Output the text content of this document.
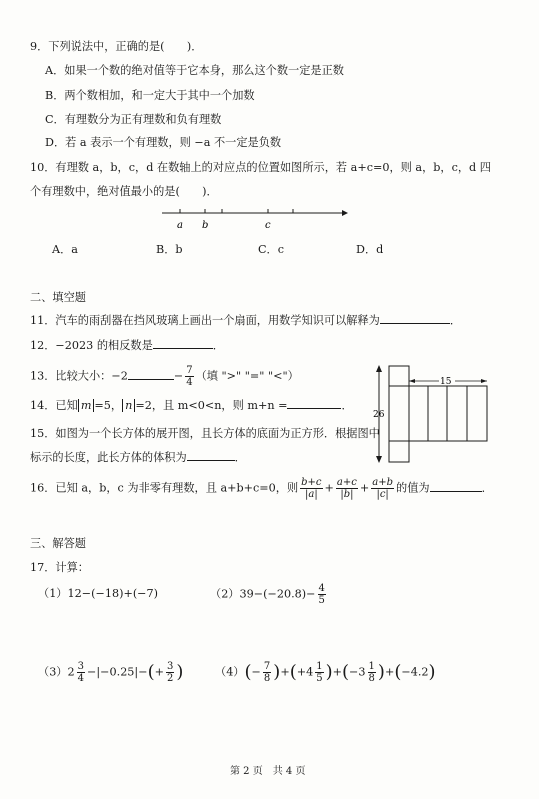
9．下列说法中，正确的是(　　)．
A．如果一个数的绝对值等于它本身，那么这个数一定是正数
B．两个数相加，和一定大于其中一个加数
C．有理数分为正有理数和负有理数
D．若 a 表示一个有理数，则 −a 不一定是负数
10．有理数 a，b，c，d 在数轴上的对应点的位置如图所示，若 a+c=0，则 a，b，c，d 四
个有理数中，绝对值最小的是(　　)．
a b	c
A．a	B．b	C．c	D．d
二、填空题
11．汽车的雨刮器在挡风玻璃上画出一个扇面，用数学知识可以解释为	．
12．−2023 的相反数是	．
13．比较大小：−2	− $\frac{7}{4}$ （填 ">" "=" "<"）
14．已知 m =5， n =2，且 m<0<n，则 m+n =	．
15．如图为一个长方体的展开图，且长方体的底面为正方形．根据图中
标示的长度，此长方体的体积为	．
26
15
16．已知 a，b，c 为非零有理数，且 a+b+c=0，则 $\frac{b+c}{|a|} + \frac{a+c}{|b|} + \frac{a+b}{|c|}$ 的值为	．
三、解答题
17．计算：
（1）12−(−18)+(−7)	$(2)39-(-20.8)- \frac{4}{5}$
$(3)2 \frac{3}{4} -|-0.25|-(+ \frac{3}{2}$ )	$(4)(- \frac{7}{8} )+(+4 \frac{1}{5} )+(-3 \frac{1}{8} )+(-4.2)$
第 2 页　共 4 页
